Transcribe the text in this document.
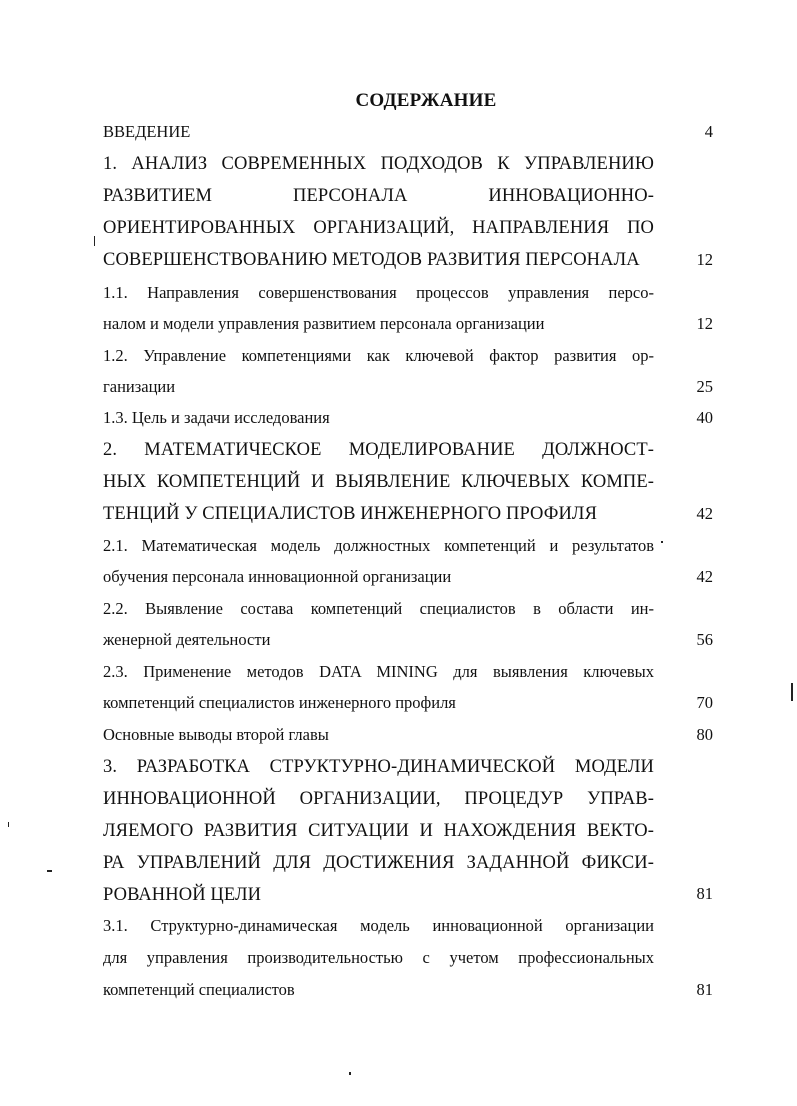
СОДЕРЖАНИЕ
ВВЕДЕНИЕ	4
1. АНАЛИЗ СОВРЕМЕННЫХ ПОДХОДОВ К УПРАВЛЕНИЮ
РАЗВИТИЕМ ПЕРСОНАЛА ИННОВАЦИОННО-
ОРИЕНТИРОВАННЫХ ОРГАНИЗАЦИЙ, НАПРАВЛЕНИЯ ПО
СОВЕРШЕНСТВОВАНИЮ МЕТОДОВ РАЗВИТИЯ ПЕРСОНАЛА	12
1.1. Направления совершенствования процессов управления персо-
налом и модели управления развитием персонала организации	12
1.2. Управление компетенциями как ключевой фактор развития ор-
ганизации	25
1.3. Цель и задачи исследования	40
2. МАТЕМАТИЧЕСКОЕ МОДЕЛИРОВАНИЕ ДОЛЖНОСТ-
НЫХ КОМПЕТЕНЦИЙ И ВЫЯВЛЕНИЕ КЛЮЧЕВЫХ КОМПЕ-
ТЕНЦИЙ У СПЕЦИАЛИСТОВ ИНЖЕНЕРНОГО ПРОФИЛЯ	42
2.1. Математическая модель должностных компетенций и результатов
обучения персонала инновационной организации	42
2.2. Выявление состава компетенций специалистов в области ин-
женерной деятельности	56
2.3. Применение методов DATA MINING для выявления ключевых
компетенций специалистов инженерного профиля	70
Основные выводы второй главы	80
3. РАЗРАБОТКА СТРУКТУРНО-ДИНАМИЧЕСКОЙ МОДЕЛИ
ИННОВАЦИОННОЙ ОРГАНИЗАЦИИ, ПРОЦЕДУР УПРАВ-
ЛЯЕМОГО РАЗВИТИЯ СИТУАЦИИ И НАХОЖДЕНИЯ ВЕКТО-
РА УПРАВЛЕНИЙ ДЛЯ ДОСТИЖЕНИЯ ЗАДАННОЙ ФИКСИ-
РОВАННОЙ ЦЕЛИ	81
3.1. Структурно-динамическая модель инновационной организации
для управления производительностью с учетом профессиональных
компетенций специалистов	81
